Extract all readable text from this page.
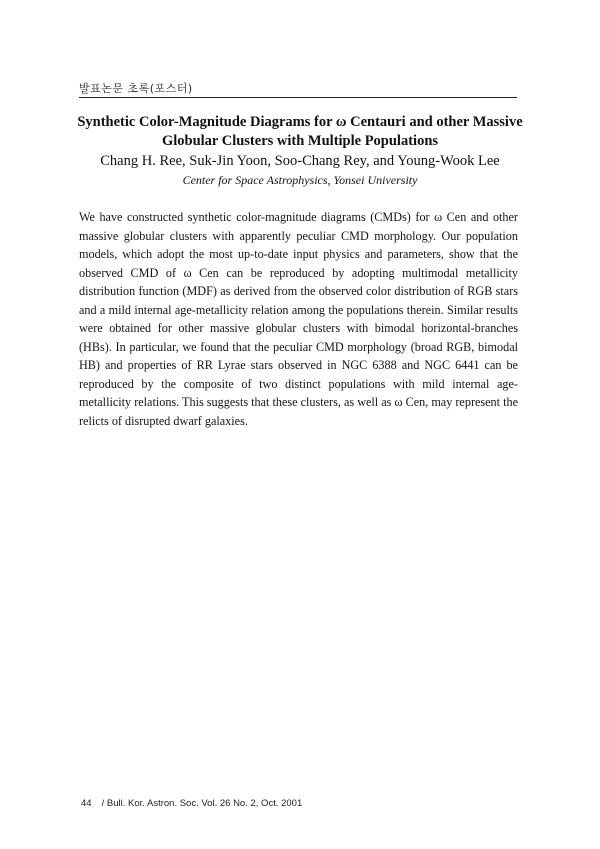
발표논문 초록(포스터)
Synthetic Color-Magnitude Diagrams for ω Centauri and other Massive
Globular Clusters with Multiple Populations
Chang H. Ree, Suk-Jin Yoon, Soo-Chang Rey, and Young-Wook Lee
Center for Space Astrophysics, Yonsei University

We have constructed synthetic color-magnitude diagrams (CMDs) for ω Cen and other massive globular clusters with apparently peculiar CMD morphology. Our population models, which adopt the most up-to-date input physics and parameters, show that the observed CMD of ω Cen can be reproduced by adopting multimodal metallicity distribution function (MDF) as derived from the observed color distribution of RGB stars and a mild internal age-metallicity relation among the populations therein. Similar results were obtained for other massive globular clusters with bimodal horizontal-branches (HBs). In particular, we found that the peculiar CMD morphology (broad RGB, bimodal HB) and properties of RR Lyrae stars observed in NGC 6388 and NGC 6441 can be reproduced by the composite of two distinct populations with mild internal age-metallicity relations. This suggests that these clusters, as well as ω Cen, may represent the relicts of disrupted dwarf galaxies.

44 / Bull. Kor. Astron. Soc. Vol. 26 No. 2, Oct. 2001
